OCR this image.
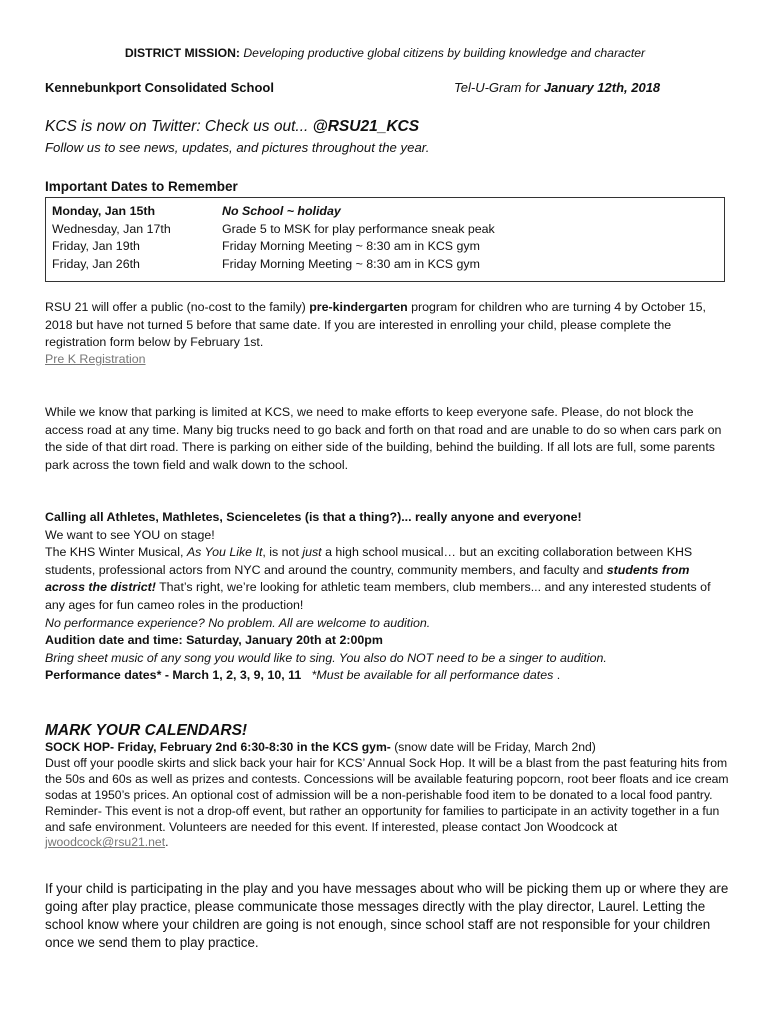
DISTRICT MISSION: Developing productive global citizens by building knowledge and character
Kennebunkport Consolidated School	Tel-U-Gram for January 12th, 2018
KCS is now on Twitter: Check us out... @RSU21_KCS
Follow us to see news, updates, and pictures throughout the year.
Important Dates to Remember
Monday, Jan 15th	No School ~ holiday
Wednesday, Jan 17th	Grade 5 to MSK for play performance sneak peak
Friday, Jan 19th	Friday Morning Meeting ~ 8:30 am in KCS gym
Friday, Jan 26th	Friday Morning Meeting ~ 8:30 am in KCS gym
RSU 21 will offer a public (no-cost to the family) pre-kindergarten program for children who are turning 4 by October 15, 2018 but have not turned 5 before that same date. If you are interested in enrolling your child, please complete the registration form below by February 1st.
Pre K Registration
While we know that parking is limited at KCS, we need to make efforts to keep everyone safe. Please, do not block the access road at any time. Many big trucks need to go back and forth on that road and are unable to do so when cars park on the side of that dirt road. There is parking on either side of the building, behind the building. If all lots are full, some parents park across the town field and walk down to the school.
Calling all Athletes, Mathletes, Scienceletes (is that a thing?)... really anyone and everyone!
We want to see YOU on stage!
The KHS Winter Musical, As You Like It, is not just a high school musical… but an exciting collaboration between KHS students, professional actors from NYC and around the country, community members, and faculty and students from across the district! That’s right, we’re looking for athletic team members, club members... and any interested students of any ages for fun cameo roles in the production!
No performance experience? No problem. All are welcome to audition.
Audition date and time: Saturday, January 20th at 2:00pm
Bring sheet music of any song you would like to sing. You also do NOT need to be a singer to audition.
Performance dates* - March 1, 2, 3, 9, 10, 11   *Must be available for all performance dates .
MARK YOUR CALENDARS!
SOCK HOP- Friday, February 2nd 6:30-8:30 in the KCS gym- (snow date will be Friday, March 2nd)
Dust off your poodle skirts and slick back your hair for KCS’ Annual Sock Hop. It will be a blast from the past featuring hits from the 50s and 60s as well as prizes and contests. Concessions will be available featuring popcorn, root beer floats and ice cream sodas at 1950’s prices. An optional cost of admission will be a non-perishable food item to be donated to a local food pantry. Reminder- This event is not a drop-off event, but rather an opportunity for families to participate in an activity together in a fun and safe environment. Volunteers are needed for this event. If interested, please contact Jon Woodcock at jwoodcock@rsu21.net.
If your child is participating in the play and you have messages about who will be picking them up or where they are going after play practice, please communicate those messages directly with the play director, Laurel. Letting the school know where your children are going is not enough, since school staff are not responsible for your children once we send them to play practice.
